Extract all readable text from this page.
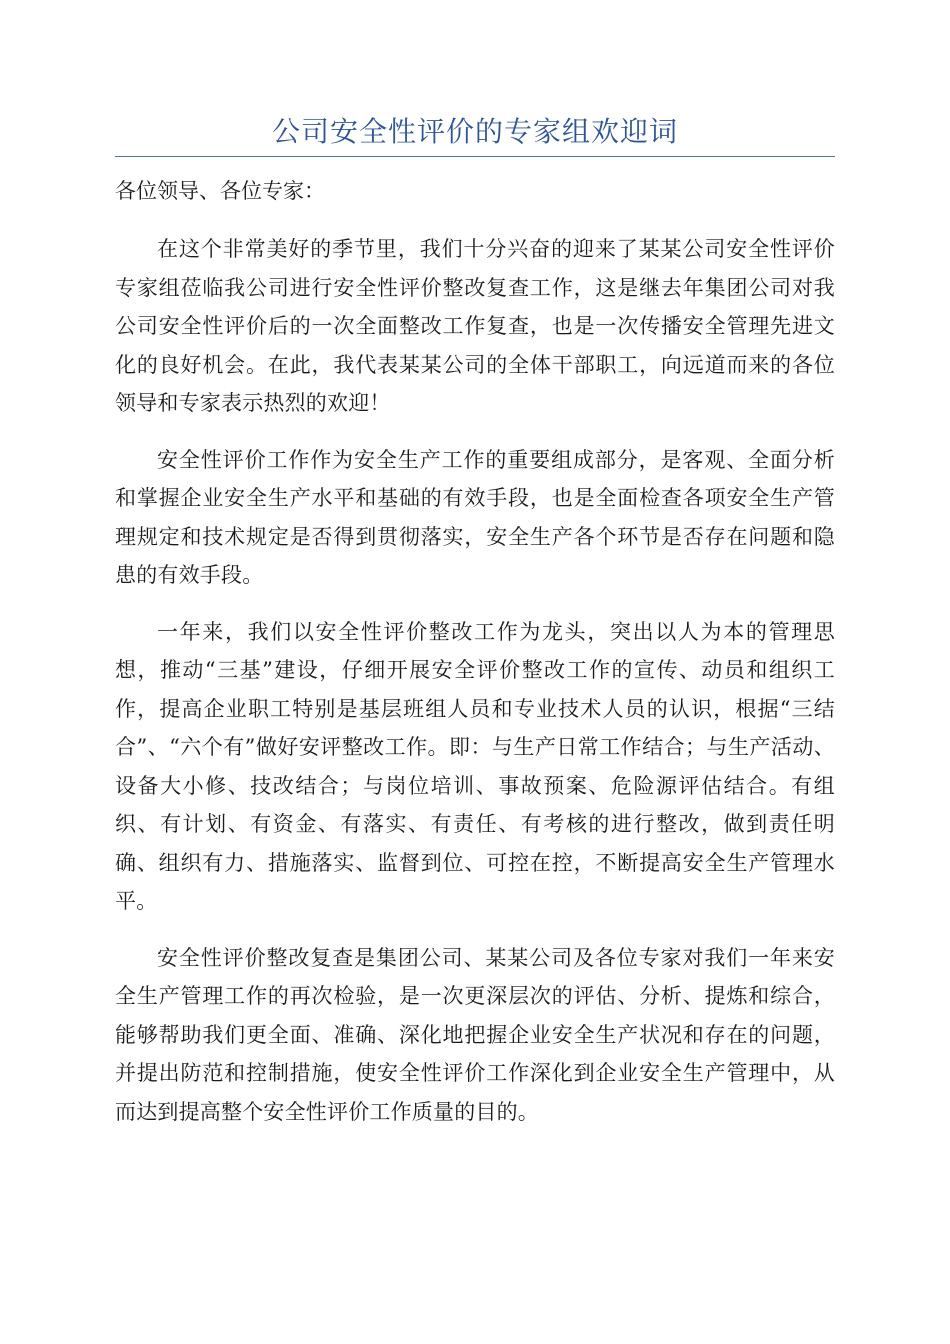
公司安全性评价的专家组欢迎词

各位领导、各位专家：

在这个非常美好的季节里，我们十分兴奋的迎来了某某公司安全性评价专家组莅临我公司进行安全性评价整改复查工作，这是继去年集团公司对我公司安全性评价后的一次全面整改工作复查，也是一次传播安全管理先进文化的良好机会。在此，我代表某某公司的全体干部职工，向远道而来的各位领导和专家表示热烈的欢迎！

安全性评价工作作为安全生产工作的重要组成部分，是客观、全面分析和掌握企业安全生产水平和基础的有效手段，也是全面检查各项安全生产管理规定和技术规定是否得到贯彻落实，安全生产各个环节是否存在问题和隐患的有效手段。

一年来，我们以安全性评价整改工作为龙头，突出以人为本的管理思想，推动“三基”建设，仔细开展安全评价整改工作的宣传、动员和组织工作，提高企业职工特别是基层班组人员和专业技术人员的认识，根据“三结合”、“六个有”做好安评整改工作。即：与生产日常工作结合；与生产活动、设备大小修、技改结合；与岗位培训、事故预案、危险源评估结合。有组织、有计划、有资金、有落实、有责任、有考核的进行整改，做到责任明确、组织有力、措施落实、监督到位、可控在控，不断提高安全生产管理水平。

安全性评价整改复查是集团公司、某某公司及各位专家对我们一年来安全生产管理工作的再次检验，是一次更深层次的评估、分析、提炼和综合，能够帮助我们更全面、准确、深化地把握企业安全生产状况和存在的问题，并提出防范和控制措施，使安全性评价工作深化到企业安全生产管理中，从而达到提高整个安全性评价工作质量的目的。
